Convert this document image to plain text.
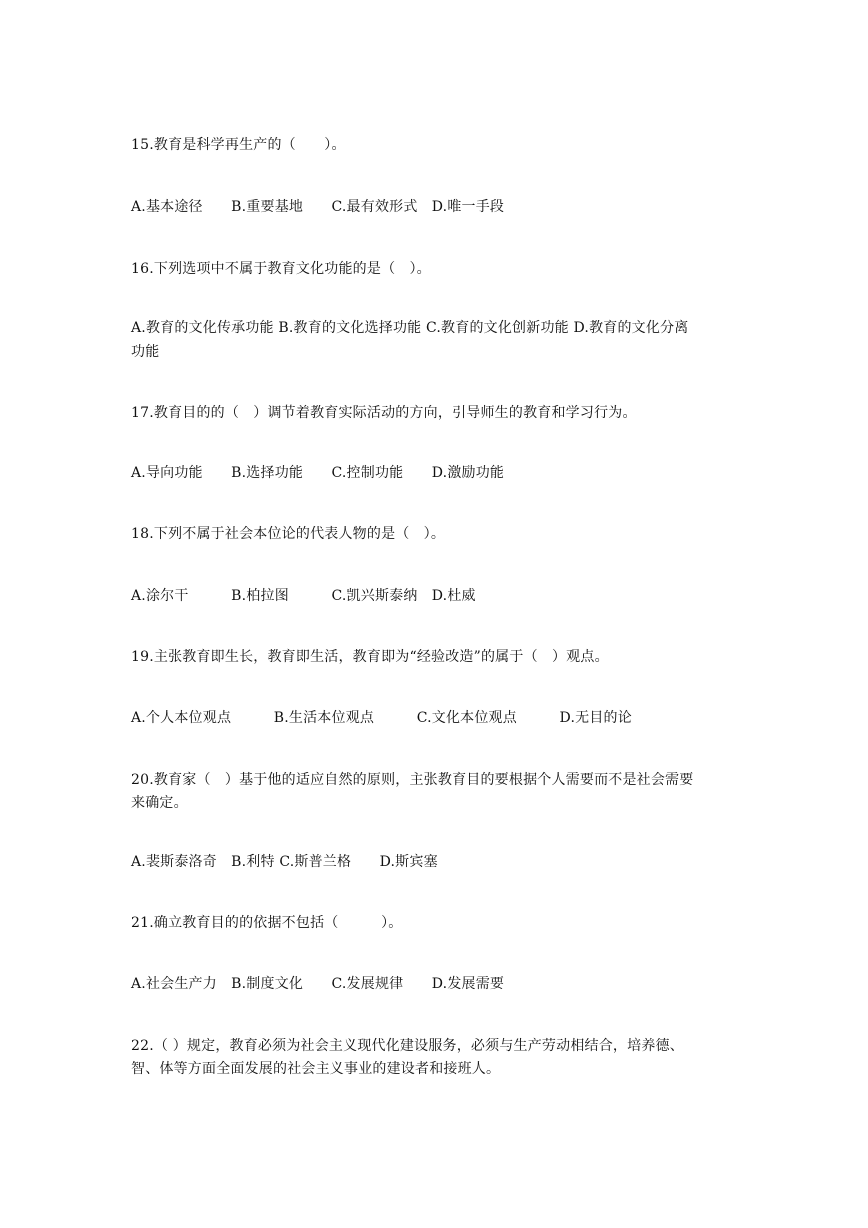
15.教育是科学再生产的（　　）。
A.基本途径　　B.重要基地　　C.最有效形式　D.唯一手段
16.下列选项中不属于教育文化功能的是（　）。
A.教育的文化传承功能 B.教育的文化选择功能 C.教育的文化创新功能 D.教育的文化分离
功能
17.教育目的的（　）调节着教育实际活动的方向，引导师生的教育和学习行为。
A.导向功能　　B.选择功能　　C.控制功能　　D.激励功能
18.下列不属于社会本位论的代表人物的是（　）。
A.涂尔干　　　B.柏拉图　　　C.凯兴斯泰纳　D.杜威
19.主张教育即生长，教育即生活，教育即为“经验改造”的属于（　）观点。
A.个人本位观点　　　B.生活本位观点　　　C.文化本位观点　　　D.无目的论
20.教育家（　）基于他的适应自然的原则，主张教育目的要根据个人需要而不是社会需要
来确定。
A.裴斯泰洛奇　B.利特 C.斯普兰格　　D.斯宾塞
21.确立教育目的的依据不包括（　　　）。
A.社会生产力　B.制度文化　　C.发展规律　　D.发展需要
22.（ ）规定，教育必须为社会主义现代化建设服务，必须与生产劳动相结合，培养德、
智、体等方面全面发展的社会主义事业的建设者和接班人。
